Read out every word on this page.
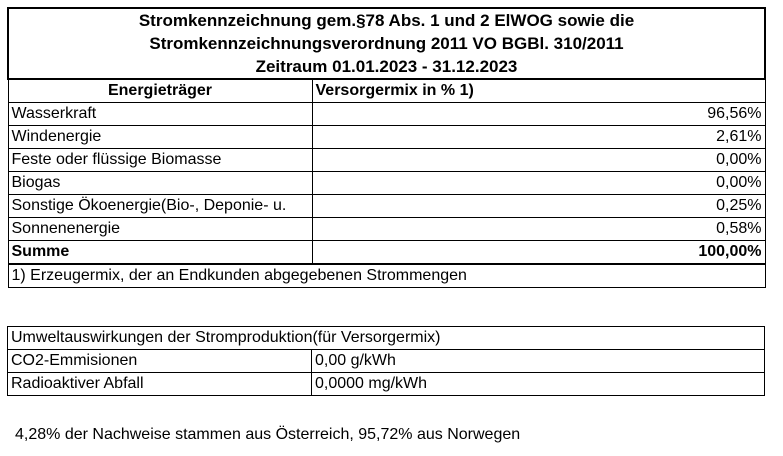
Stromkennzeichnung gem.§78 Abs. 1 und 2 ElWOG sowie die
Stromkennzeichnungsverordnung 2011 VO BGBl. 310/2011
Zeitraum 01.01.2023 - 31.12.2023	

Energieträger	Versorgermix in % 1)
Wasserkraft	96,56%
Windenergie	2,61%
Feste oder flüssige Biomasse	0,00%
Biogas	0,00%
Sonstige Ökoenergie(Bio-, Deponie- u.	0,25%
Sonnenenergie	0,58%
Summe	100,00%
1) Erzeugermix, der an Endkunden abgegebenen Strommengen	
Umweltauswirkungen der Stromproduktion(für Versorgermix)	
CO2-Emmisionen	0,00 g/kWh
Radioaktiver Abfall	0,0000 mg/kWh
4,28% der Nachweise stammen aus Österreich, 95,72% aus Norwegen
